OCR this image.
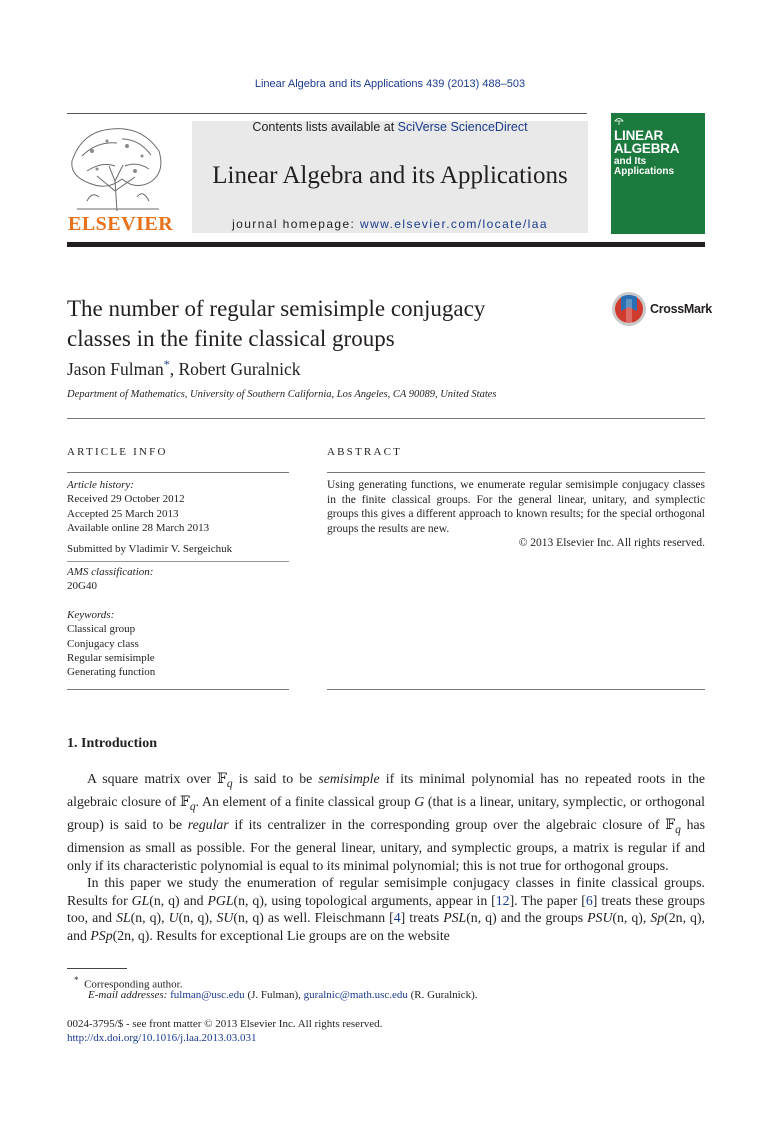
Linear Algebra and its Applications 439 (2013) 488–503
ELSEVIER
Contents lists available at SciVerse ScienceDirect
Linear Algebra and its Applications
journal homepage: www.elsevier.com/locate/laa
LINEAR
ALGEBRA
and Its
Applications
The number of regular semisimple conjugacy
classes in the finite classical groups
CrossMark
Jason Fulman*, Robert Guralnick
Department of Mathematics, University of Southern California, Los Angeles, CA 90089, United States
ARTICLE INFO
Article history:
Received 29 October 2012
Accepted 25 March 2013
Available online 28 March 2013
Submitted by Vladimir V. Sergeichuk
AMS classification:
20G40
Keywords:
Classical group
Conjugacy class
Regular semisimple
Generating function
ABSTRACT
Using generating functions, we enumerate regular semisimple conjugacy classes in the finite classical groups. For the general linear, unitary, and symplectic groups this gives a different approach to known results; for the special orthogonal groups the results are new.
© 2013 Elsevier Inc. All rights reserved.
1. Introduction

A square matrix over 𝔽$_q$ is said to be semisimple if its minimal polynomial has no repeated roots in the algebraic closure of 𝔽$_q$. An element of a finite classical group G (that is a linear, unitary, symplectic, or orthogonal group) is said to be regular if its centralizer in the corresponding group over the algebraic closure of 𝔽$_q$ has dimension as small as possible. For the general linear, unitary, and symplectic groups, a matrix is regular if and only if its characteristic polynomial is equal to its minimal polynomial; this is not true for orthogonal groups.

In this paper we study the enumeration of regular semisimple conjugacy classes in finite classical groups. Results for GL(n, q) and PGL(n, q), using topological arguments, appear in [12]. The paper [6] treats these groups too, and SL(n, q), U(n, q), SU(n, q) as well. Fleischmann [4] treats PSL(n, q) and the groups PSU(n, q), Sp(2n, q), and PSp(2n, q). Results for exceptional Lie groups are on the website

* Corresponding author.
E-mail addresses: fulman@usc.edu (J. Fulman), guralnic@math.usc.edu (R. Guralnick).
0024-3795/$ - see front matter © 2013 Elsevier Inc. All rights reserved.
http://dx.doi.org/10.1016/j.laa.2013.03.031
